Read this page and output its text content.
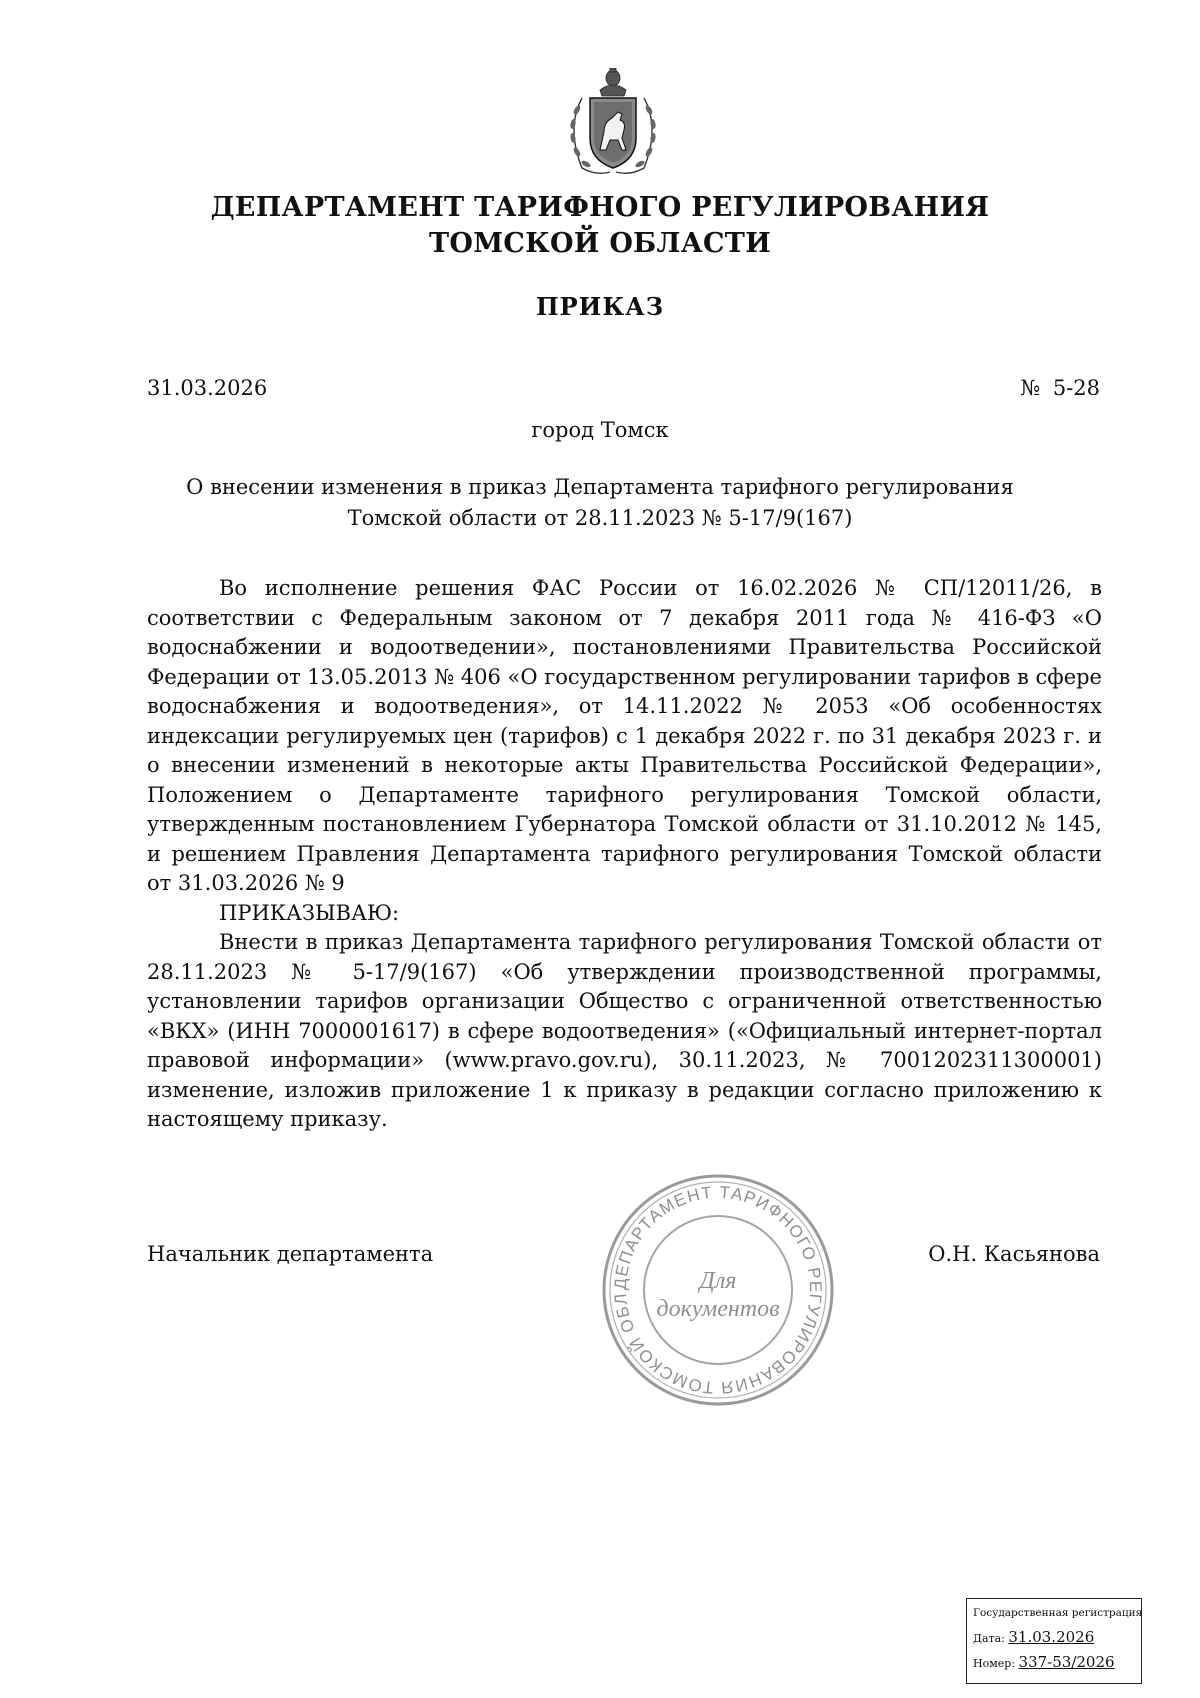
ДЕПАРТАМЕНТ ТАРИФНОГО РЕГУЛИРОВАНИЯ
ТОМСКОЙ ОБЛАСТИ
ПРИКАЗ
31.03.2026	№ 5-28
город Томск
О внесении изменения в приказ Департамента тарифного регулирования
Томской области от 28.11.2023 № 5-17/9(167)

Во исполнение решения ФАС России от 16.02.2026 № СП/12011/26, в соответствии с Федеральным законом от 7 декабря 2011 года № 416-ФЗ «О водоснабжении и водоотведении», постановлениями Правительства Российской Федерации от 13.05.2013 № 406 «О государственном регулировании тарифов в сфере водоснабжения и водоотведения», от 14.11.2022 № 2053 «Об особенностях индексации регулируемых цен (тарифов) с 1 декабря 2022 г. по 31 декабря 2023 г. и о внесении изменений в некоторые акты Правительства Российской Федерации», Положением о Департаменте тарифного регулирования Томской области, утвержденным постановлением Губернатора Томской области от 31.10.2012 № 145, и решением Правления Департамента тарифного регулирования Томской области от 31.03.2026 № 9

ПРИКАЗЫВАЮ:

Внести в приказ Департамента тарифного регулирования Томской области от 28.11.2023 № 5-17/9(167) «Об утверждении производственной программы, установлении тарифов организации Общество с ограниченной ответственностью «ВКХ» (ИНН 7000001617) в сфере водоотведения» («Официальный интернет-портал правовой информации» (www.pravo.gov.ru), 30.11.2023, № 7001202311300001) изменение, изложив приложение 1 к приказу в редакции согласно приложению к настоящему приказу.

Начальник департамента	О.Н. Касьянова
ДЕПАРТАМЕНТ ТАРИФНОГО РЕГУЛИРОВАНИЯ ТОМСКОЙ ОБЛ
Для
документов
Государственная регистрация
Дата: 31.03.2026
Номер: 337-53/2026
